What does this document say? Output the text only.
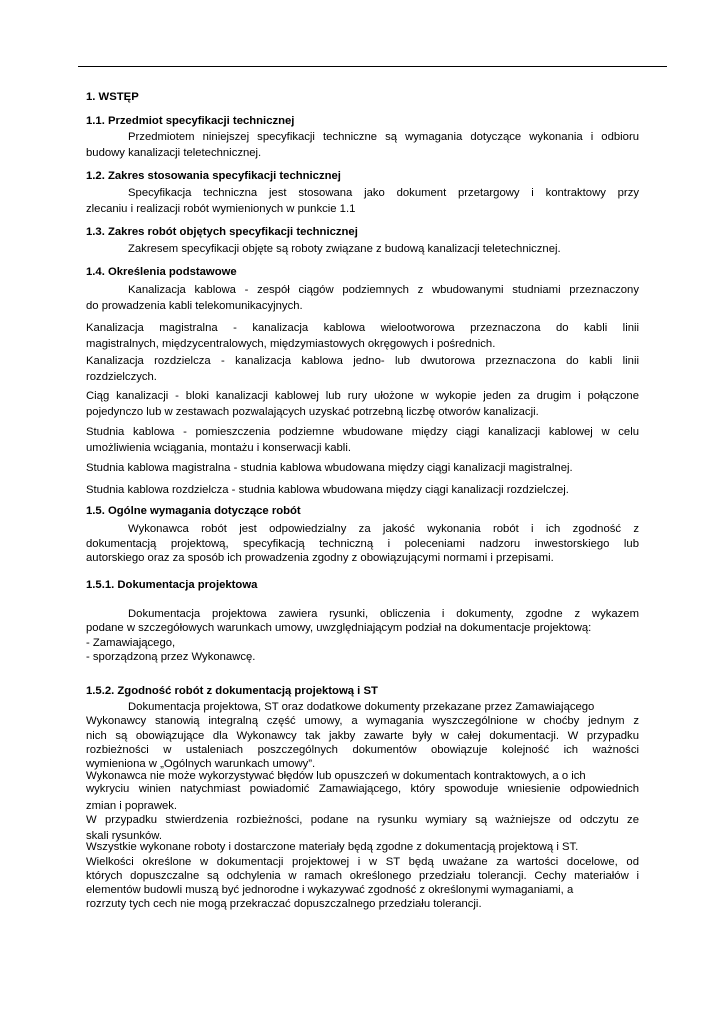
1. WSTĘP

1.1. Przedmiot specyfikacji technicznej

Przedmiotem niniejszej specyfikacji techniczne są wymagania dotyczące wykonania i odbioru

budowy kanalizacji teletechnicznej.

1.2. Zakres stosowania specyfikacji technicznej

Specyfikacja techniczna jest stosowana jako dokument przetargowy i kontraktowy przy

zlecaniu i realizacji robót wymienionych w punkcie 1.1

1.3. Zakres robót objętych specyfikacji technicznej

Zakresem specyfikacji objęte są roboty związane z budową kanalizacji teletechnicznej.

1.4. Określenia podstawowe

Kanalizacja kablowa - zespół ciągów podziemnych z wbudowanymi studniami przeznaczony

do prowadzenia kabli telekomunikacyjnych.

Kanalizacja magistralna - kanalizacja kablowa wielootworowa przeznaczona do kabli linii

magistralnych, międzycentralowych, międzymiastowych okręgowych i pośrednich.

Kanalizacja rozdzielcza - kanalizacja kablowa jedno- lub dwutorowa przeznaczona do kabli linii

rozdzielczych.

Ciąg kanalizacji - bloki kanalizacji kablowej lub rury ułożone w wykopie jeden za drugim i połączone

pojedynczo lub w zestawach pozwalających uzyskać potrzebną liczbę otworów kanalizacji.

Studnia kablowa - pomieszczenia podziemne wbudowane między ciągi kanalizacji kablowej w celu

umożliwienia wciągania, montażu i konserwacji kabli.

Studnia kablowa magistralna - studnia kablowa wbudowana między ciągi kanalizacji magistralnej.

Studnia kablowa rozdzielcza - studnia kablowa wbudowana między ciągi kanalizacji rozdzielczej.

1.5. Ogólne wymagania dotyczące robót

Wykonawca robót jest odpowiedzialny za jakość wykonania robót i ich zgodność z

dokumentacją projektową, specyfikacją techniczną i poleceniami nadzoru inwestorskiego lub

autorskiego oraz za sposób ich prowadzenia zgodny z obowiązującymi normami i przepisami.

1.5.1. Dokumentacja projektowa

Dokumentacja projektowa zawiera rysunki, obliczenia i dokumenty, zgodne z wykazem

podane w szczegółowych warunkach umowy, uwzględniającym podział na dokumentacje projektową:

- Zamawiającego,

- sporządzoną przez Wykonawcę.

1.5.2. Zgodność robót z dokumentacją projektową i ST

Dokumentacja projektowa, ST oraz dodatkowe dokumenty przekazane przez Zamawiającego

Wykonawcy stanowią integralną część umowy, a wymagania wyszczególnione w choćby jednym z

nich są obowiązujące dla Wykonawcy tak jakby zawarte były w całej dokumentacji. W przypadku

rozbieżności w ustaleniach poszczególnych dokumentów obowiązuje kolejność ich ważności

wymieniona w „Ogólnych warunkach umowy”.

Wykonawca nie może wykorzystywać błędów lub opuszczeń w dokumentach kontraktowych, a o ich

wykryciu winien natychmiast powiadomić Zamawiającego, który spowoduje wniesienie odpowiednich

zmian i poprawek.

W przypadku stwierdzenia rozbieżności, podane na rysunku wymiary są ważniejsze od odczytu ze

skali rysunków.

Wszystkie wykonane roboty i dostarczone materiały będą zgodne z dokumentacją projektową i ST.

Wielkości określone w dokumentacji projektowej i w ST będą uważane za wartości docelowe, od

których dopuszczalne są odchylenia w ramach określonego przedziału tolerancji. Cechy materiałów i

elementów budowli muszą być jednorodne i wykazywać zgodność z określonymi wymaganiami, a

rozrzuty tych cech nie mogą przekraczać dopuszczalnego przedziału tolerancji.
